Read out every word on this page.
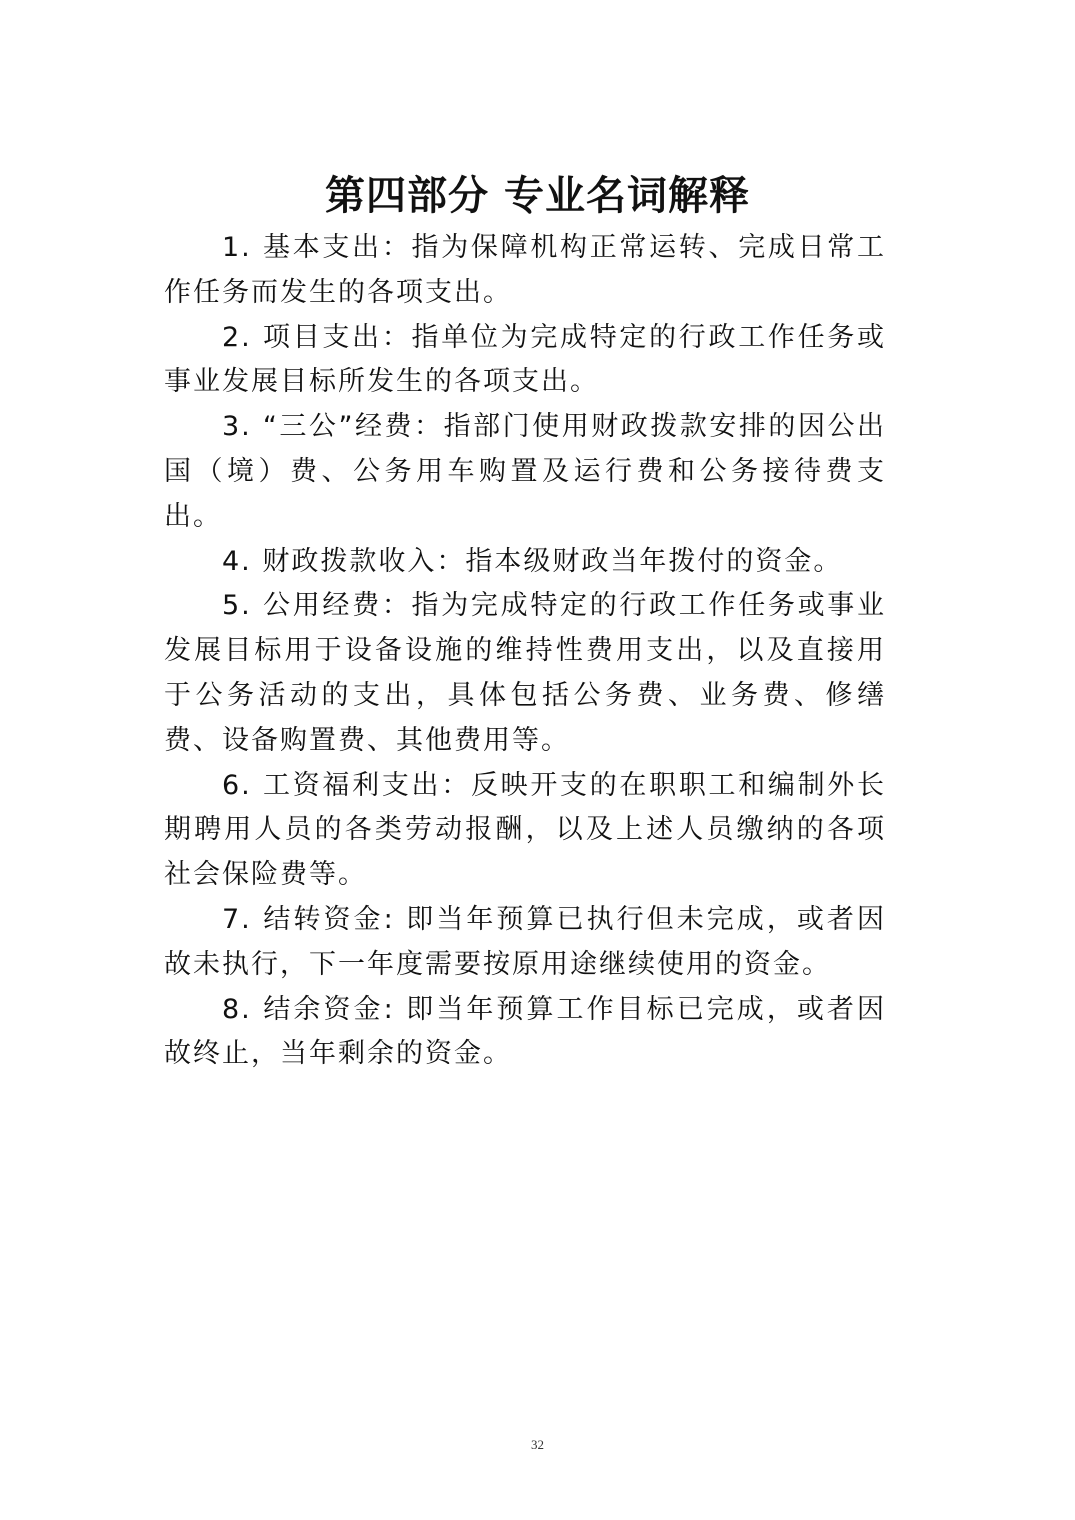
第四部分 专业名词解释

1. 基本支出：指为保障机构正常运转、完成日常工作任务而发生的各项支出。

2. 项目支出：指单位为完成特定的行政工作任务或事业发展目标所发生的各项支出。

3. “三公”经费：指部门使用财政拨款安排的因公出国（境）费、公务用车购置及运行费和公务接待费支出。

4. 财政拨款收入：指本级财政当年拨付的资金。

5. 公用经费：指为完成特定的行政工作任务或事业发展目标用于设备设施的维持性费用支出，以及直接用于公务活动的支出，具体包括公务费、业务费、修缮费、设备购置费、其他费用等。

6. 工资福利支出：反映开支的在职职工和编制外长期聘用人员的各类劳动报酬，以及上述人员缴纳的各项社会保险费等。

7. 结转资金: 即当年预算已执行但未完成，或者因故未执行，下一年度需要按原用途继续使用的资金。

8. 结余资金: 即当年预算工作目标已完成，或者因故终止，当年剩余的资金。

32
